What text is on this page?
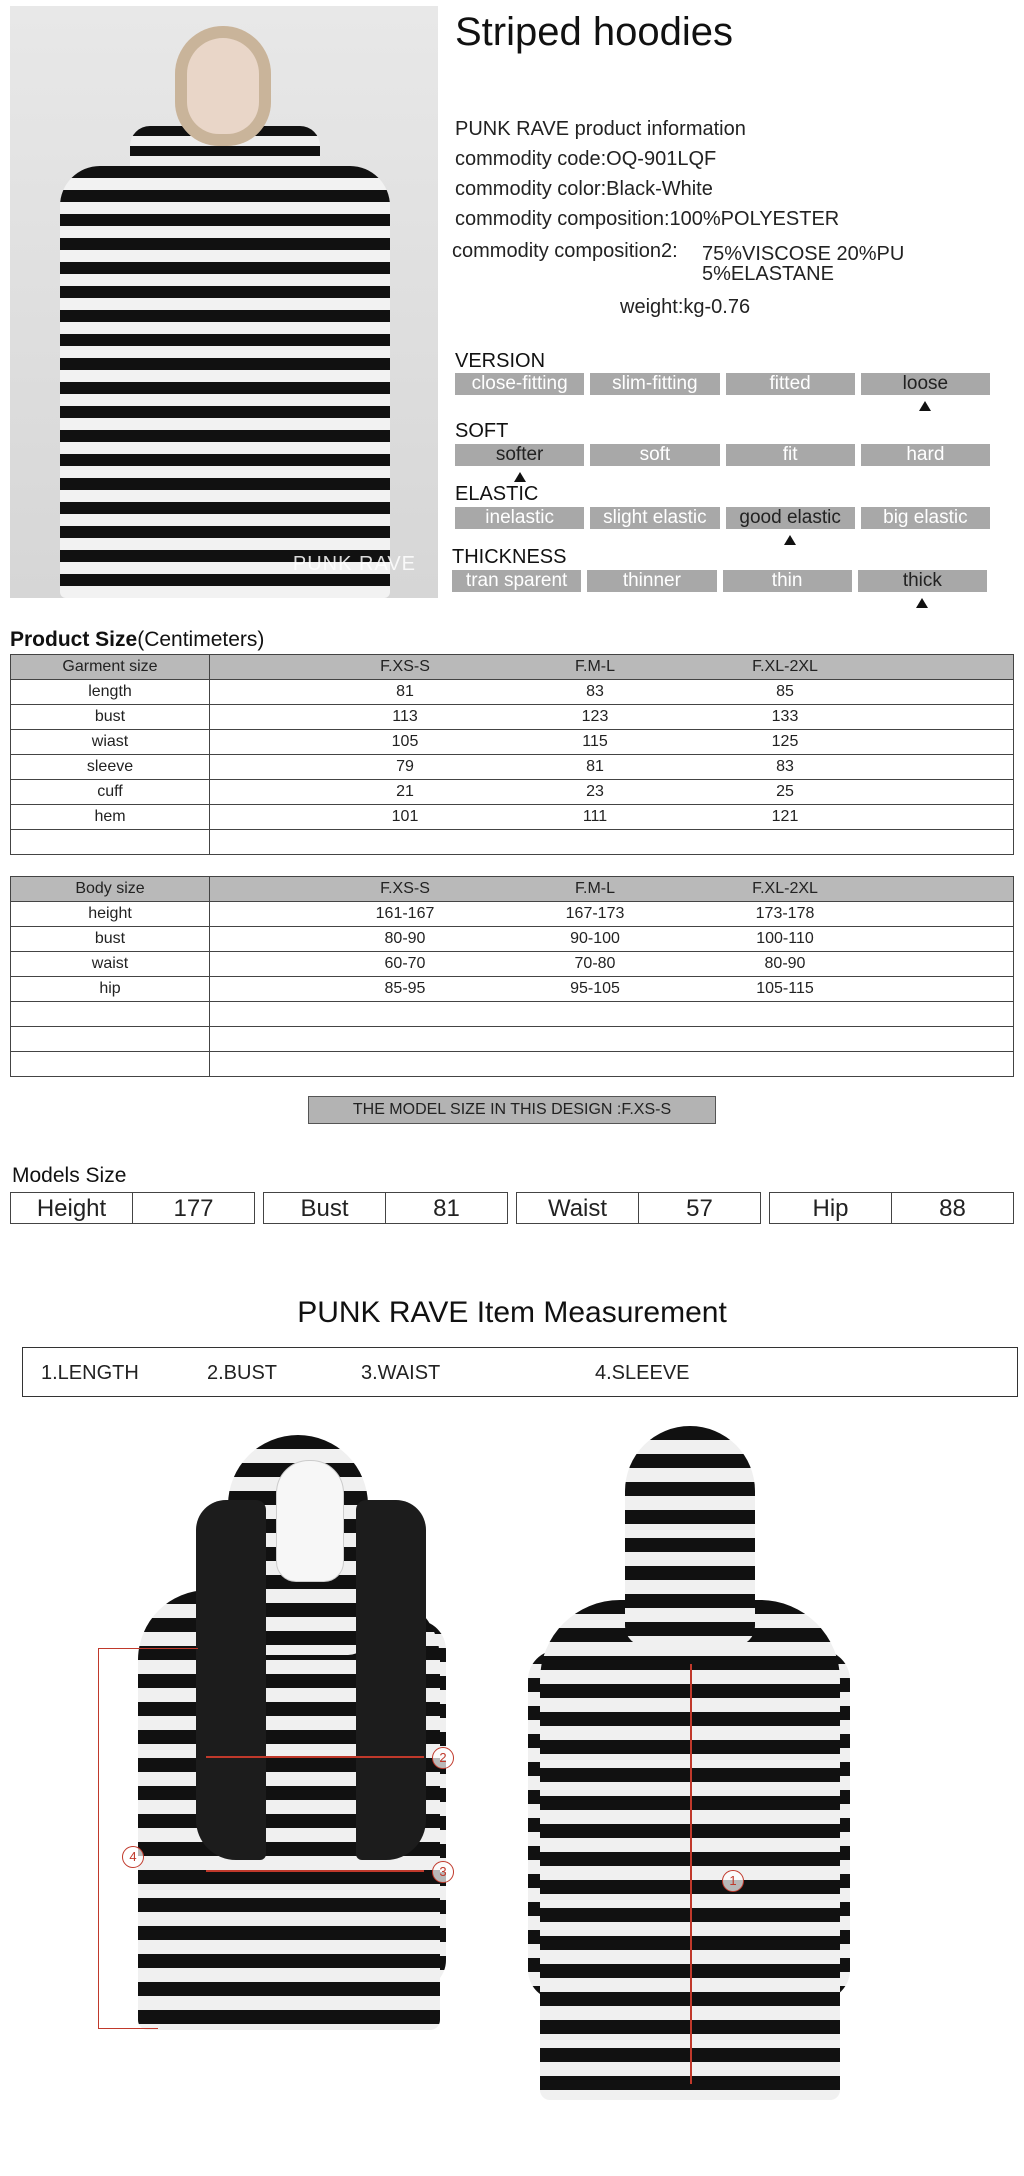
PUNK RAVE
Striped hoodies
PUNK RAVE product information
commodity code:OQ-901LQF
commodity color:Black-White
commodity composition:100%POLYESTER
commodity composition2: 75%VISCOSE 20%PU
5%ELASTANE
weight:kg-0.76
VERSION
close-fitting	slim-fitting	fitted	loose
SOFT
softer	soft	fit	hard
ELASTIC
inelastic	slight elastic	good elastic	big elastic
THICKNESS
tran sparent	thinner	thin	thick
Product Size(Centimeters)
Garment size	F.XS-S F.M-L F.XL-2XL

length	81 83 85

bust	113 123 133

wiast	105 115 125

sleeve	79 81 83

cuff	21 23 25

hem	101 111 121

Body size	F.XS-S F.M-L F.XL-2XL

height	161-167 167-173 173-178

bust	80-90 90-100 100-110

waist	60-70 70-80 80-90

hip	85-95 95-105 105-115

THE MODEL SIZE IN THIS DESIGN :F.XS-S
Models Size
Height	177	Bust	81	Waist	57	Hip	88
PUNK RAVE Item Measurement
1.LENGTH	2.BUST	3.WAIST	4.SLEEVE
4
2
3
1
